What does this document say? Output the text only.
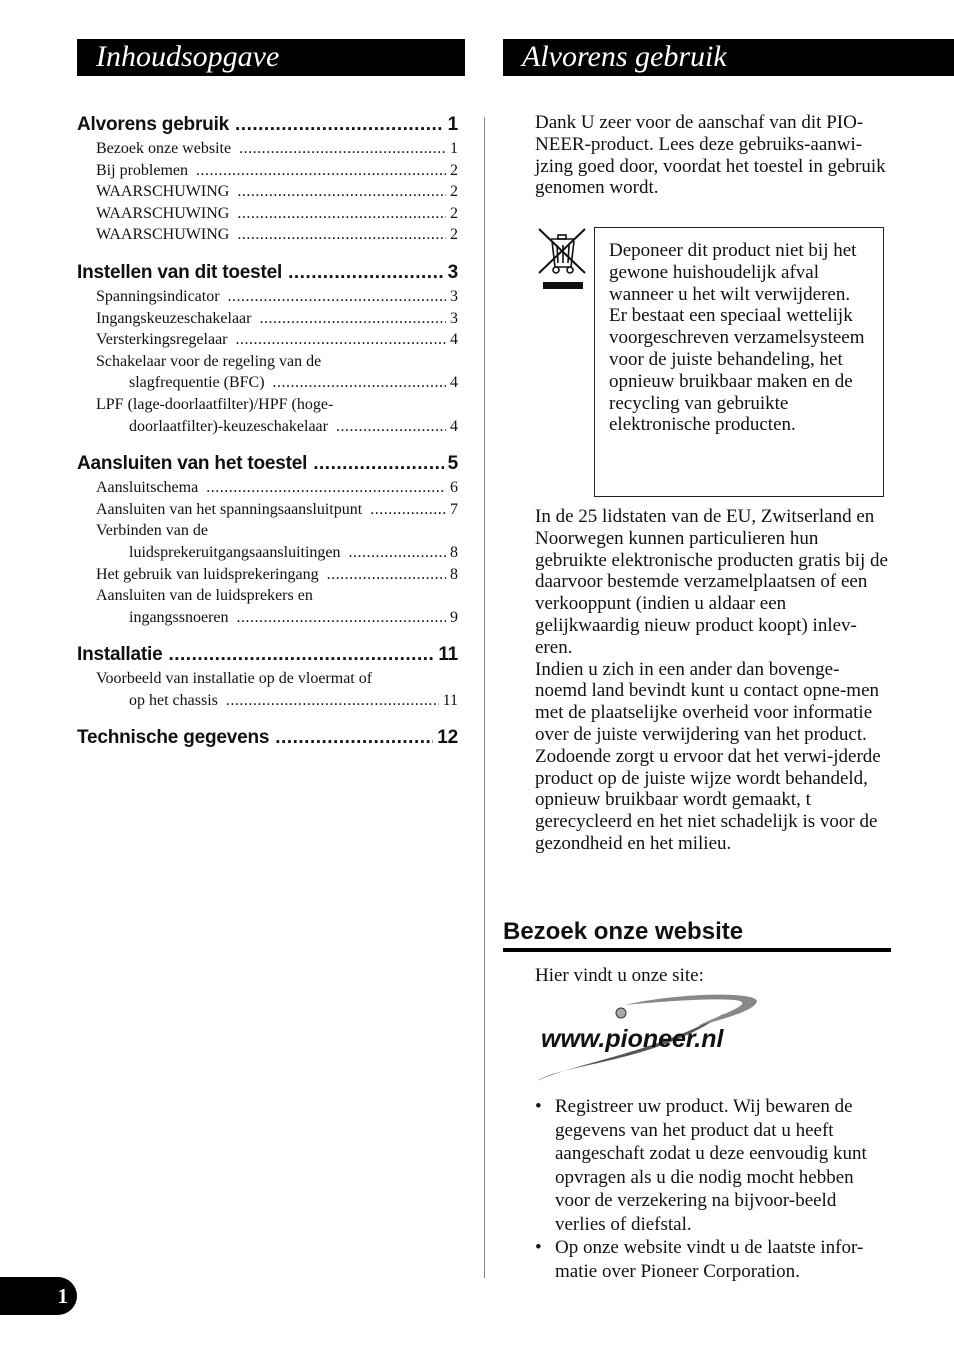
Inhoudsopgave	Alvorens gebruik
Alvorens gebruik .....	1
Bezoek onze website .....	1
Bij problemen .....	2
WAARSCHUWING .....	2
WAARSCHUWING .....	2
WAARSCHUWING .....	2
Instellen van dit toestel .....	3
Spanningsindicator .....	3
Ingangskeuzeschakelaar .....	3
Versterkingsregelaar .....	4
Schakelaar voor de regeling van de
slagfrequentie (BFC) .....	4
LPF (lage-doorlaatfilter)/HPF (hoge-
doorlaatfilter)-keuzeschakelaar .....	4
Aansluiten van het toestel .....	5
Aansluitschema .....	6
Aansluiten van het spanningsaansluitpunt .....	7
Verbinden van de
luidsprekeruitgangsaansluitingen .....	8
Het gebruik van luidsprekeringang .....	8
Aansluiten van de luidsprekers en
ingangssnoeren .....	9
Installatie .....	11
Voorbeeld van installatie op de vloermat of
op het chassis .....	11
Technische gegevens .....	12

Dank U zeer voor de aanschaf van dit PIO-NEER-product. Lees deze gebruiks-aanwi-jzing goed door, voordat het toestel in gebruik genomen wordt.

Deponeer dit product niet bij het gewone huishoudelijk afval wanneer u het wilt verwijderen. Er bestaat een speciaal wettelijk voorgeschreven verzamelsysteem voor de juiste behandeling, het opnieuw bruikbaar maken en de recycling van gebruikte elektronische producten.

In de 25 lidstaten van de EU, Zwitserland en Noorwegen kunnen particulieren hun gebruikte elektronische producten gratis bij de daarvoor bestemde verzamelplaatsen of een verkooppunt (indien u aldaar een gelijkwaardig nieuw product koopt) inlev-eren.

Indien u zich in een ander dan bovenge-noemd land bevindt kunt u contact opne-men met de plaatselijke overheid voor informatie over de juiste verwijdering van het product.

Zodoende zorgt u ervoor dat het verwi-jderde product op de juiste wijze wordt behandeld, opnieuw bruikbaar wordt gemaakt, t gerecycleerd en het niet schadelijk is voor de gezondheid en het milieu.

Bezoek onze website
Hier vindt u onze site:
www.pioneer.nl
• Registreer uw product. Wij bewaren de gegevens van het product dat u heeft aangeschaft zodat u deze eenvoudig kunt opvragen als u die nodig mocht hebben voor de verzekering na bijvoor-beeld verlies of diefstal.
• Op onze website vindt u de laatste infor-matie over Pioneer Corporation.
1
